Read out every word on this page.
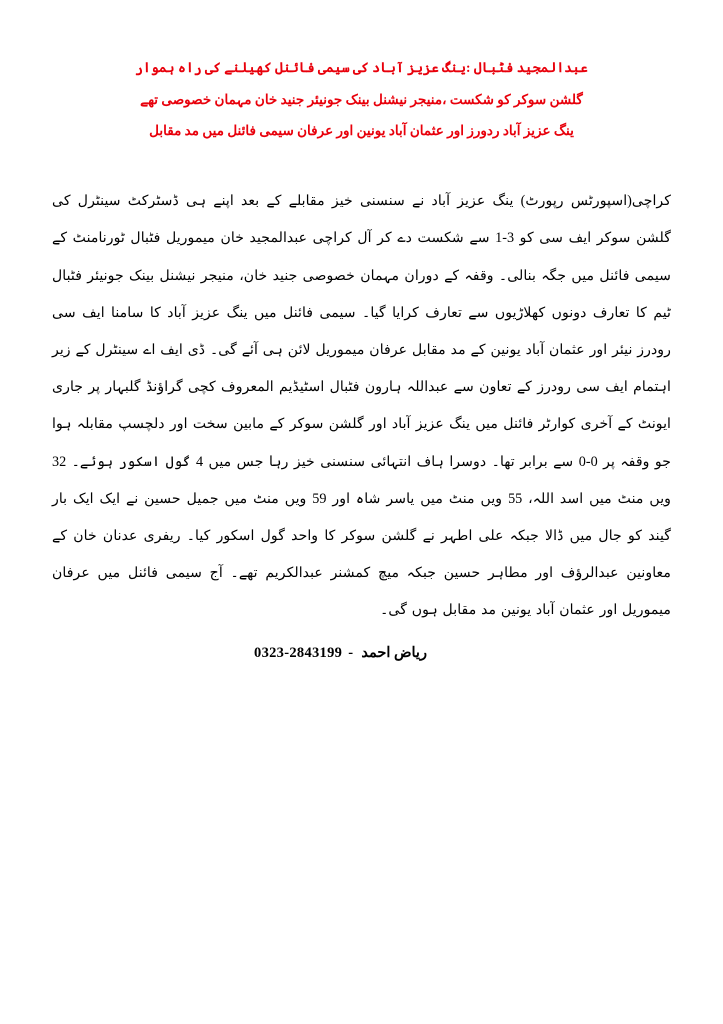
عبدالمجید فٹبال :ینگ عزیز آباد کی سیمی فائنل کھیلنے کی راہ ہموار
گلشن سوکر کو شکست ،منیجر نیشنل بینک جونیئر جنید خان مہمان خصوصی تھے
ینگ عزیز آباد ردورز اور عثمان آباد یونین اور عرفان سیمی فائنل میں مد مقابل
کراچی(اسپورٹس رپورٹ) ینگ عزیز آباد نے سنسنی خیز مقابلے کے بعد اپنے ہی ڈسٹرکٹ سینٹرل کی گلشن سوکر ایف سی کو 3-1 سے شکست دے کر آل کراچی عبدالمجید خان میموریل فٹبال ٹورنامنٹ کے سیمی فائنل میں جگہ بنالی۔ وقفہ کے دوران مہمان خصوصی جنید خان، منیجر نیشنل بینک جونیئر فٹبال ٹیم کا تعارف دونوں کھلاڑیوں سے تعارف کرایا گیا۔ سیمی فائنل میں ینگ عزیز آباد کا سامنا ایف سی رودرز نیئر اور عثمان آباد یونین کے مد مقابل عرفان میموریل لائن ہی آئے گی۔ ڈی ایف اے سینٹرل کے زیر اہتمام ایف سی رودرز کے تعاون سے عبداللہ ہارون فٹبال اسٹیڈیم المعروف کچی گراؤنڈ گلبہار پر جاری ایونٹ کے آخری کوارٹر فائنل میں ینگ عزیز آباد اور گلشن سوکر کے مابین سخت اور دلچسپ مقابلہ ہوا جو وقفہ پر 0-0 سے برابر تھا۔ دوسرا ہاف انتہائی سنسنی خیز رہا جس میں 4 گول اسکور ہوئے۔ 32 ویں منٹ میں اسد اللہ، 55 ویں منٹ میں یاسر شاہ اور 59 ویں منٹ میں جمیل حسین نے ایک ایک بار گیند کو جال میں ڈالا جبکہ علی اطہر نے گلشن سوکر کا واحد گول اسکور کیا۔ ریفری عدنان خان کے معاونین عبدالرؤف اور مطاہر حسین جبکہ میچ کمشنر عبدالکریم تھے۔ آج سیمی فائنل میں عرفان میموریل اور عثمان آباد یونین مد مقابل ہوں گی۔
ریاض احمد-0323-2843199
